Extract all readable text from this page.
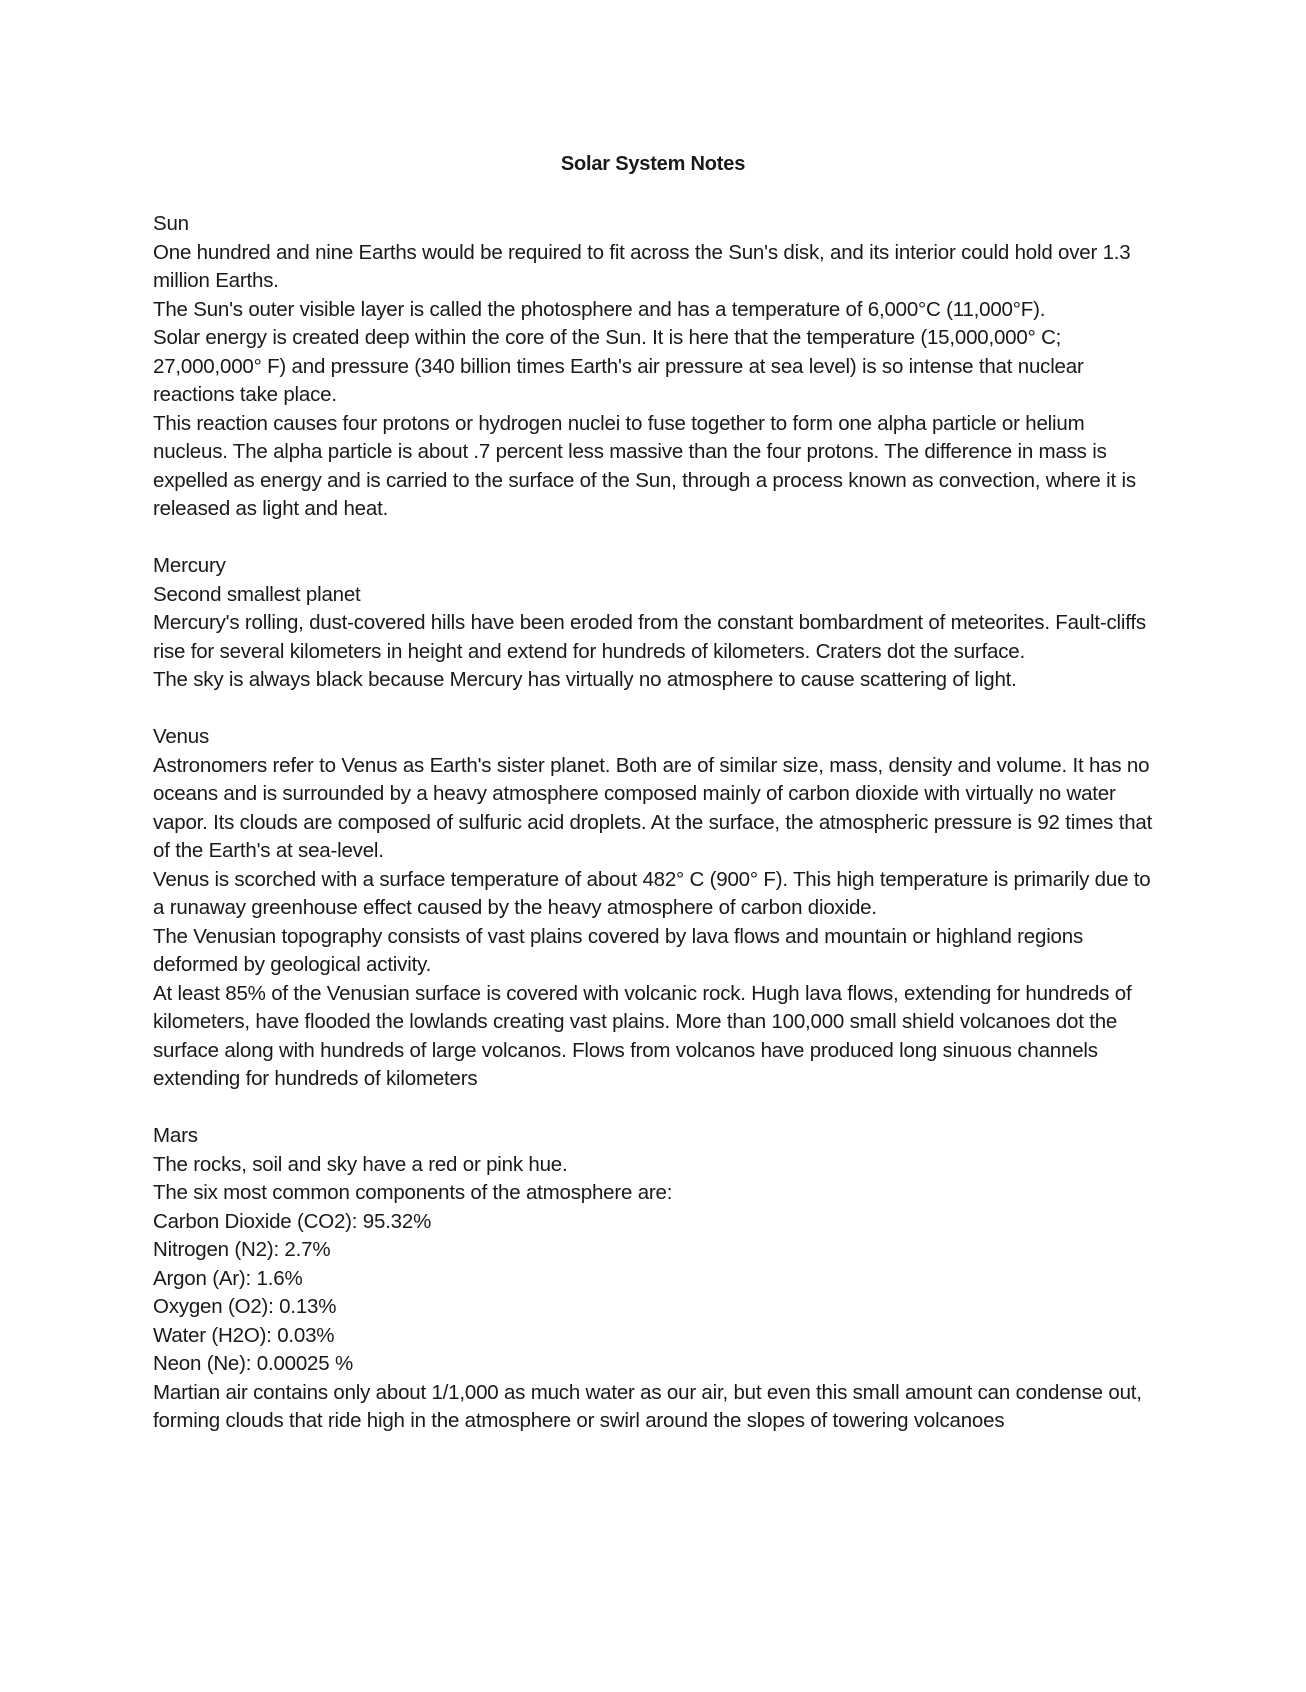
Solar System Notes

Sun

One hundred and nine Earths would be required to fit across the Sun's disk, and its interior could hold over 1.3 million Earths.

The Sun's outer visible layer is called the photosphere and has a temperature of 6,000°C (11,000°F).

Solar energy is created deep within the core of the Sun. It is here that the temperature (15,000,000° C; 27,000,000° F) and pressure (340 billion times Earth's air pressure at sea level) is so intense that nuclear reactions take place.

This reaction causes four protons or hydrogen nuclei to fuse together to form one alpha particle or helium nucleus. The alpha particle is about .7 percent less massive than the four protons. The difference in mass is expelled as energy and is carried to the surface of the Sun, through a process known as convection, where it is released as light and heat.

Mercury

Second smallest planet

Mercury's rolling, dust-covered hills have been eroded from the constant bombardment of meteorites. Fault-cliffs rise for several kilometers in height and extend for hundreds of kilometers. Craters dot the surface.

The sky is always black because Mercury has virtually no atmosphere to cause scattering of light.

Venus

Astronomers refer to Venus as Earth's sister planet. Both are of similar size, mass, density and volume. It has no oceans and is surrounded by a heavy atmosphere composed mainly of carbon dioxide with virtually no water vapor. Its clouds are composed of sulfuric acid droplets. At the surface, the atmospheric pressure is 92 times that of the Earth's at sea-level.

Venus is scorched with a surface temperature of about 482° C (900° F). This high temperature is primarily due to a runaway greenhouse effect caused by the heavy atmosphere of carbon dioxide.

The Venusian topography consists of vast plains covered by lava flows and mountain or highland regions deformed by geological activity.

At least 85% of the Venusian surface is covered with volcanic rock. Hugh lava flows, extending for hundreds of kilometers, have flooded the lowlands creating vast plains. More than 100,000 small shield volcanoes dot the surface along with hundreds of large volcanos. Flows from volcanos have produced long sinuous channels extending for hundreds of kilometers

Mars

The rocks, soil and sky have a red or pink hue.

The six most common components of the atmosphere are:

Carbon Dioxide (CO2): 95.32%

Nitrogen (N2): 2.7%

Argon (Ar): 1.6%

Oxygen (O2): 0.13%

Water (H2O): 0.03%

Neon (Ne): 0.00025 %

Martian air contains only about 1/1,000 as much water as our air, but even this small amount can condense out, forming clouds that ride high in the atmosphere or swirl around the slopes of towering volcanoes
